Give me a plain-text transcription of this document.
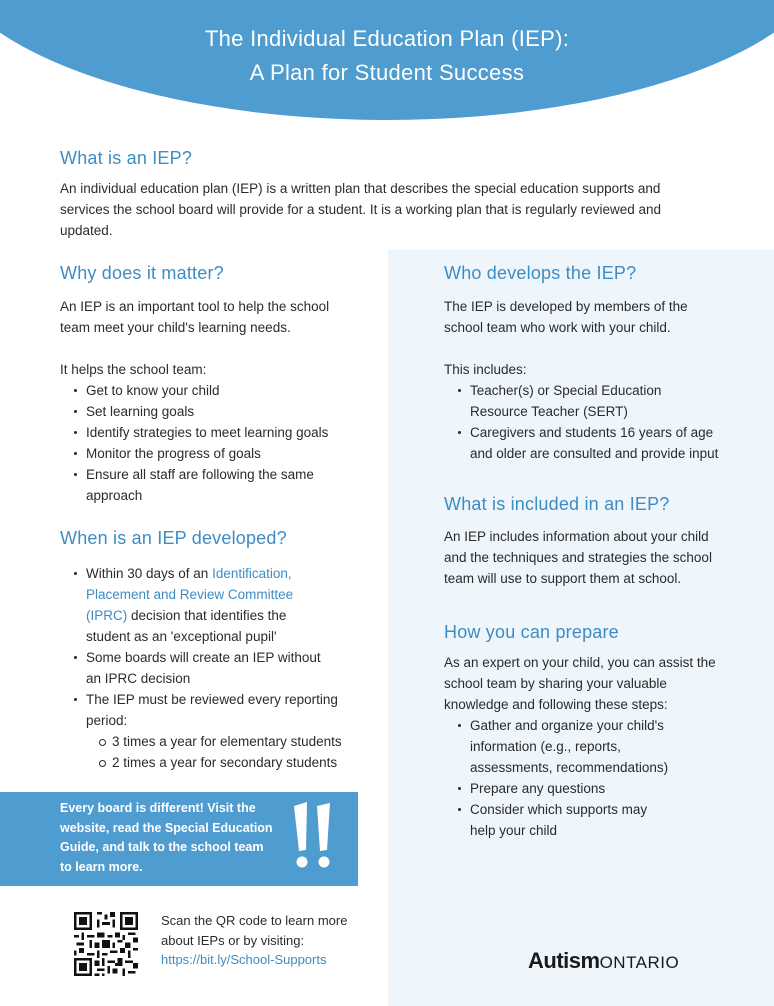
The Individual Education Plan (IEP):
A Plan for Student Success
What is an IEP?

An individual education plan (IEP) is a written plan that describes the special education supports and services the school board will provide for a student. It is a working plan that is regularly reviewed and updated.

Why does it matter?

An IEP is an important tool to help the school team meet your child's learning needs.

It helps the school team:

Get to know your child
Set learning goals
Identify strategies to meet learning goals
Monitor the progress of goals
Ensure all staff are following the same approach
When is an IEP developed?
Within 30 days of an Identification, Placement and Review Committee (IPRC) decision that identifies the student as an 'exceptional pupil'
Some boards will create an IEP without an IPRC decision
The IEP must be reviewed every reporting period:
3 times a year for elementary students
2 times a year for secondary students
Every board is different! Visit the website, read the Special Education Guide, and talk to the school team to learn more.
Who develops the IEP?

The IEP is developed by members of the school team who work with your child.

This includes:

Teacher(s) or Special Education Resource Teacher (SERT)
Caregivers and students 16 years of age and older are consulted and provide input
What is included in an IEP?

An IEP includes information about your child and the techniques and strategies the school team will use to support them at school.

How you can prepare

As an expert on your child, you can assist the school team by sharing your valuable knowledge and following these steps:

Gather and organize your child's information (e.g., reports, assessments, recommendations)
Prepare any questions
Consider which supports may help your child
Scan the QR code to learn more
about IEPs or by visiting:
https://bit.ly/School-Supports	AutismONTARIO
